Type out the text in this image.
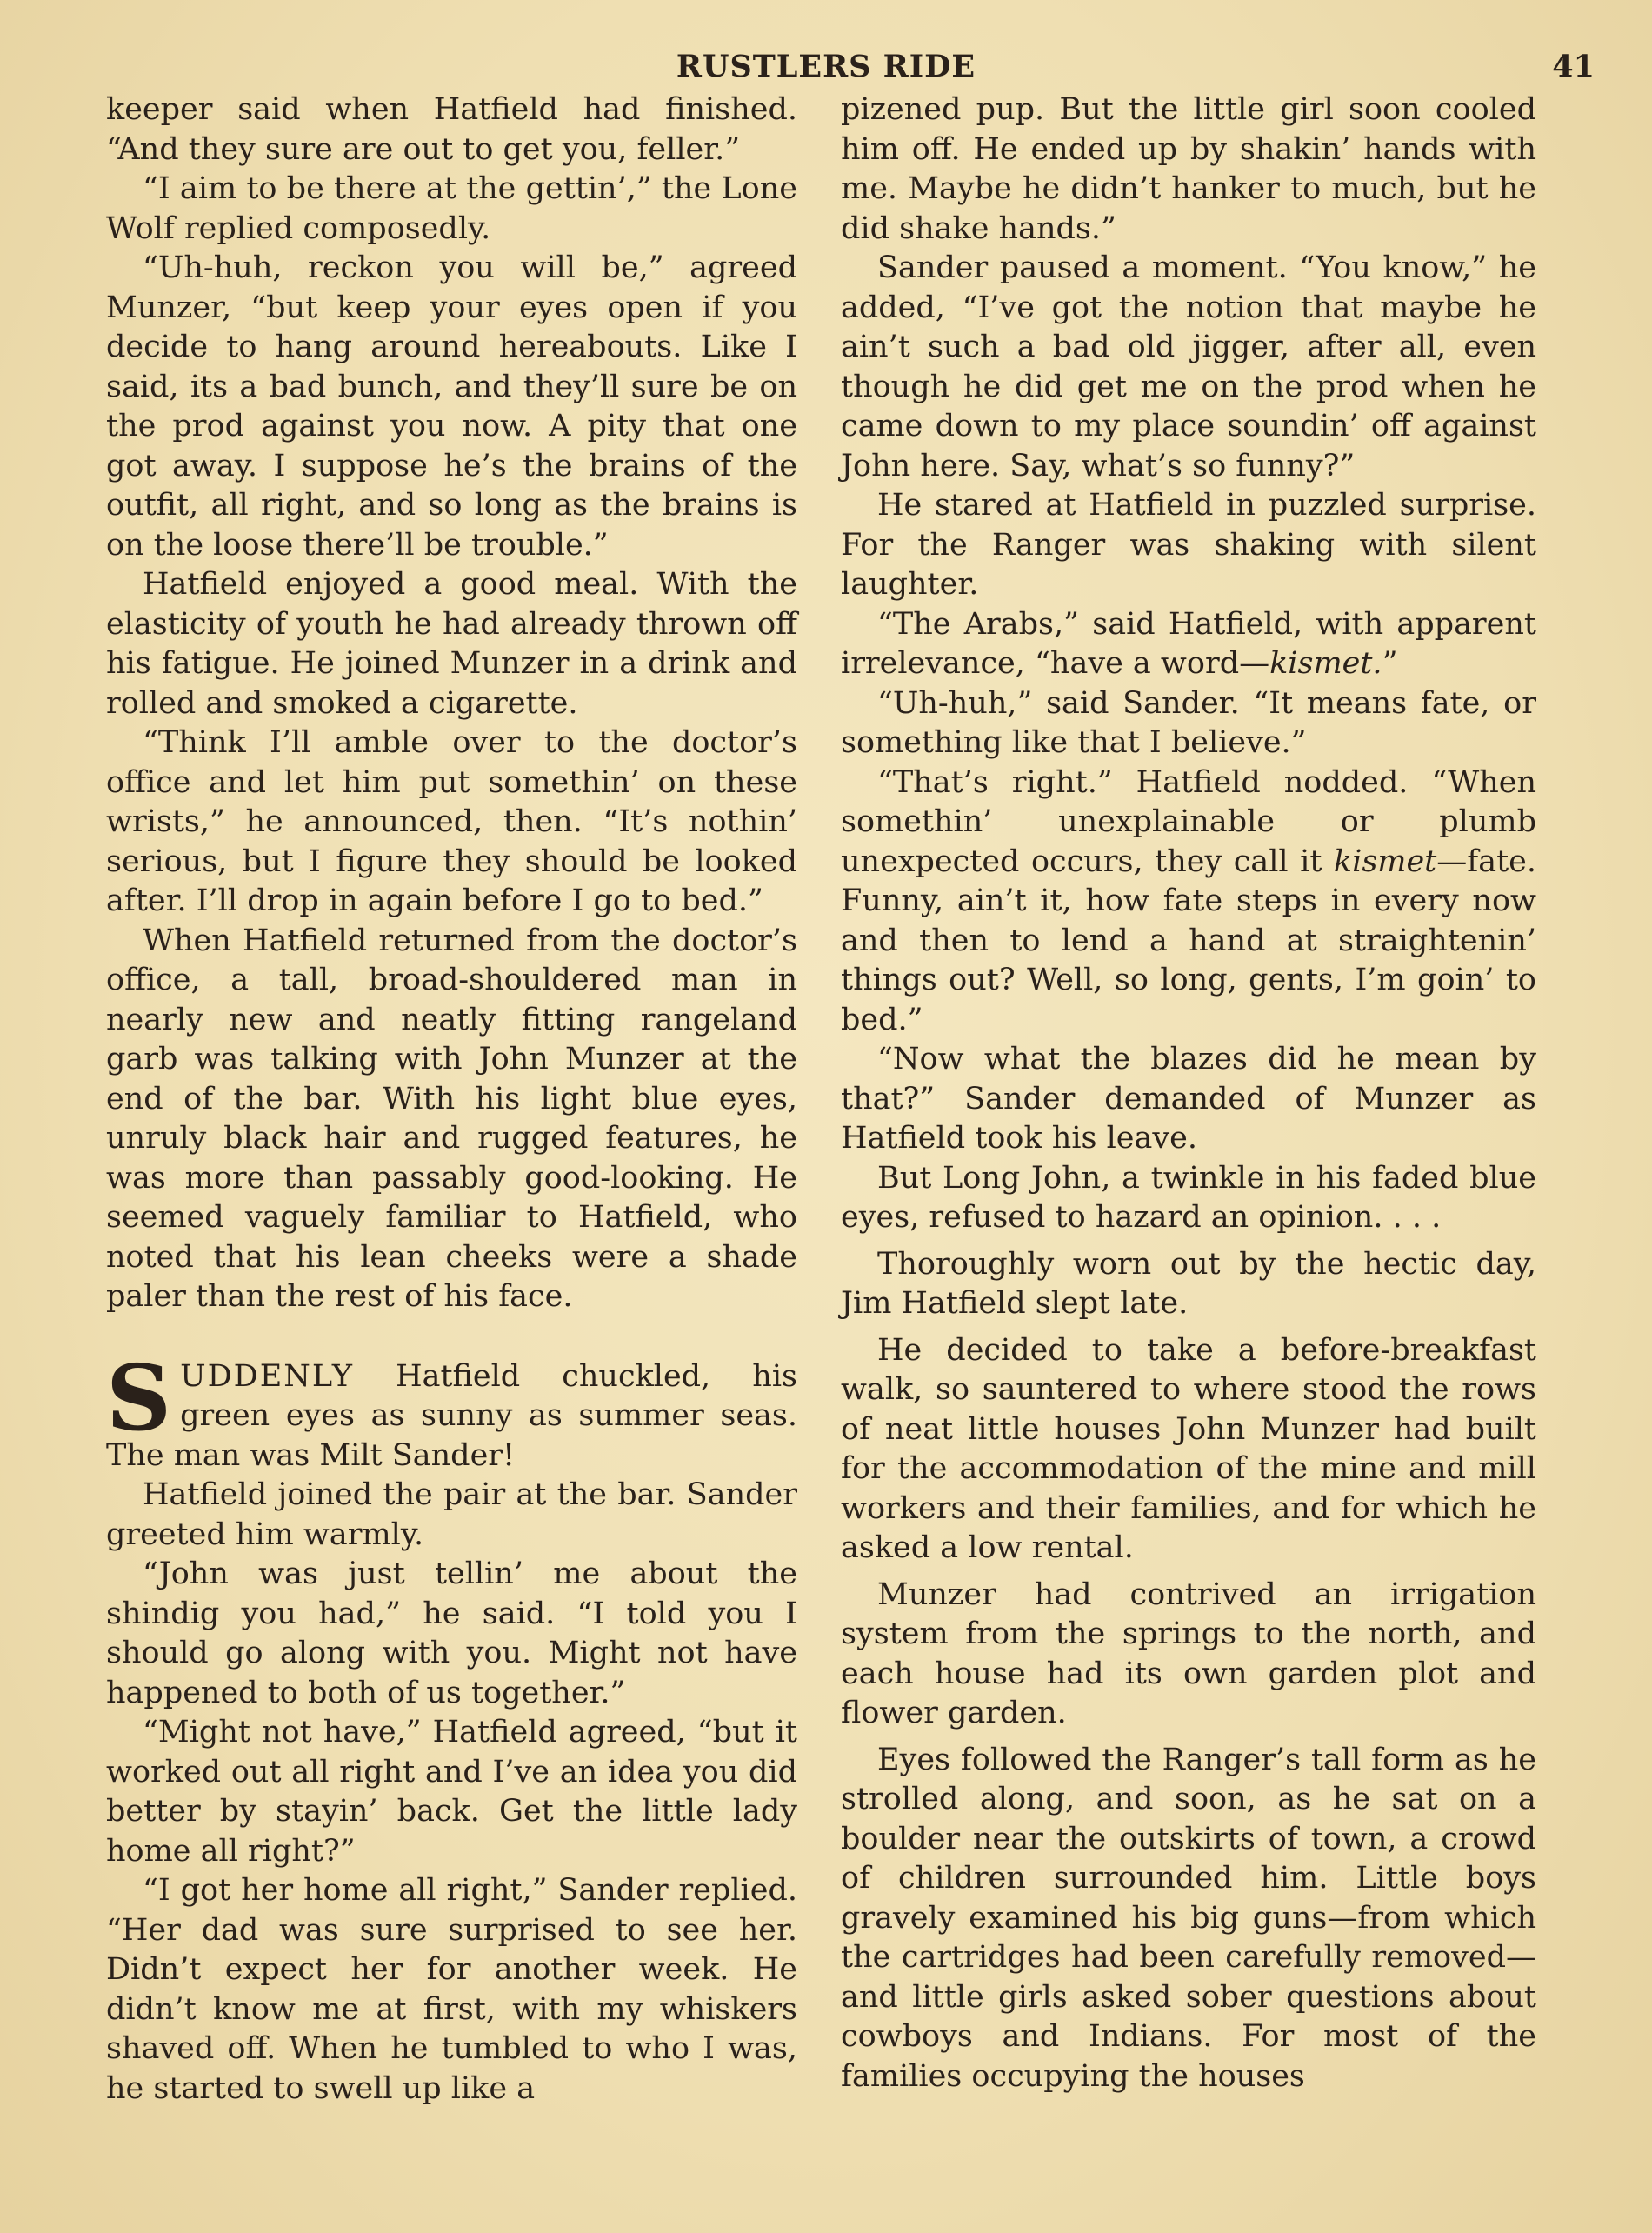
RUSTLERS RIDE	41

keeper said when Hatfield had finished. “And they sure are out to get you, feller.”

“I aim to be there at the gettin’,” the Lone Wolf replied composedly.

“Uh-huh, reckon you will be,” agreed Munzer, “but keep your eyes open if you decide to hang around hereabouts. Like I said, its a bad bunch, and they’ll sure be on the prod against you now. A pity that one got away. I suppose he’s the brains of the outfit, all right, and so long as the brains is on the loose there’ll be trouble.”

Hatfield enjoyed a good meal. With the elasticity of youth he had already thrown off his fatigue. He joined Munzer in a drink and rolled and smoked a cigarette.

“Think I’ll amble over to the doctor’s office and let him put somethin’ on these wrists,” he announced, then. “It’s nothin’ serious, but I figure they should be looked after. I’ll drop in again before I go to bed.”

When Hatfield returned from the doctor’s office, a tall, broad-shouldered man in nearly new and neatly fitting rangeland garb was talking with John Munzer at the end of the bar. With his light blue eyes, unruly black hair and rugged features, he was more than passably good-looking. He seemed vaguely familiar to Hatfield, who noted that his lean cheeks were a shade paler than the rest of his face.

SUDDENLY Hatfield chuckled, his green eyes as sunny as summer seas. The man was Milt Sander!

Hatfield joined the pair at the bar. Sander greeted him warmly.

“John was just tellin’ me about the shindig you had,” he said. “I told you I should go along with you. Might not have happened to both of us together.”

“Might not have,” Hatfield agreed, “but it worked out all right and I’ve an idea you did better by stayin’ back. Get the little lady home all right?”

“I got her home all right,” Sander replied. “Her dad was sure surprised to see her. Didn’t expect her for another week. He didn’t know me at first, with my whiskers shaved off. When he tumbled to who I was, he started to swell up like a

pizened pup. But the little girl soon cooled him off. He ended up by shakin’ hands with me. Maybe he didn’t hanker to much, but he did shake hands.”

Sander paused a moment. “You know,” he added, “I’ve got the notion that maybe he ain’t such a bad old jigger, after all, even though he did get me on the prod when he came down to my place soundin’ off against John here. Say, what’s so funny?”

He stared at Hatfield in puzzled surprise. For the Ranger was shaking with silent laughter.

“The Arabs,” said Hatfield, with apparent irrelevance, “have a word—kismet.”

“Uh-huh,” said Sander. “It means fate, or something like that I believe.”

“That’s right.” Hatfield nodded. “When somethin’ unexplainable or plumb unexpected occurs, they call it kismet—fate. Funny, ain’t it, how fate steps in every now and then to lend a hand at straightenin’ things out? Well, so long, gents, I’m goin’ to bed.”

“Now what the blazes did he mean by that?” Sander demanded of Munzer as Hatfield took his leave.

But Long John, a twinkle in his faded blue eyes, refused to hazard an opinion. . . .

Thoroughly worn out by the hectic day, Jim Hatfield slept late.

He decided to take a before-breakfast walk, so sauntered to where stood the rows of neat little houses John Munzer had built for the accommodation of the mine and mill workers and their families, and for which he asked a low rental.

Munzer had contrived an irrigation system from the springs to the north, and each house had its own garden plot and flower garden.

Eyes followed the Ranger’s tall form as he strolled along, and soon, as he sat on a boulder near the outskirts of town, a crowd of children surrounded him. Little boys gravely examined his big guns—from which the cartridges had been carefully removed—and little girls asked sober questions about cowboys and Indians. For most of the families occupying the houses
